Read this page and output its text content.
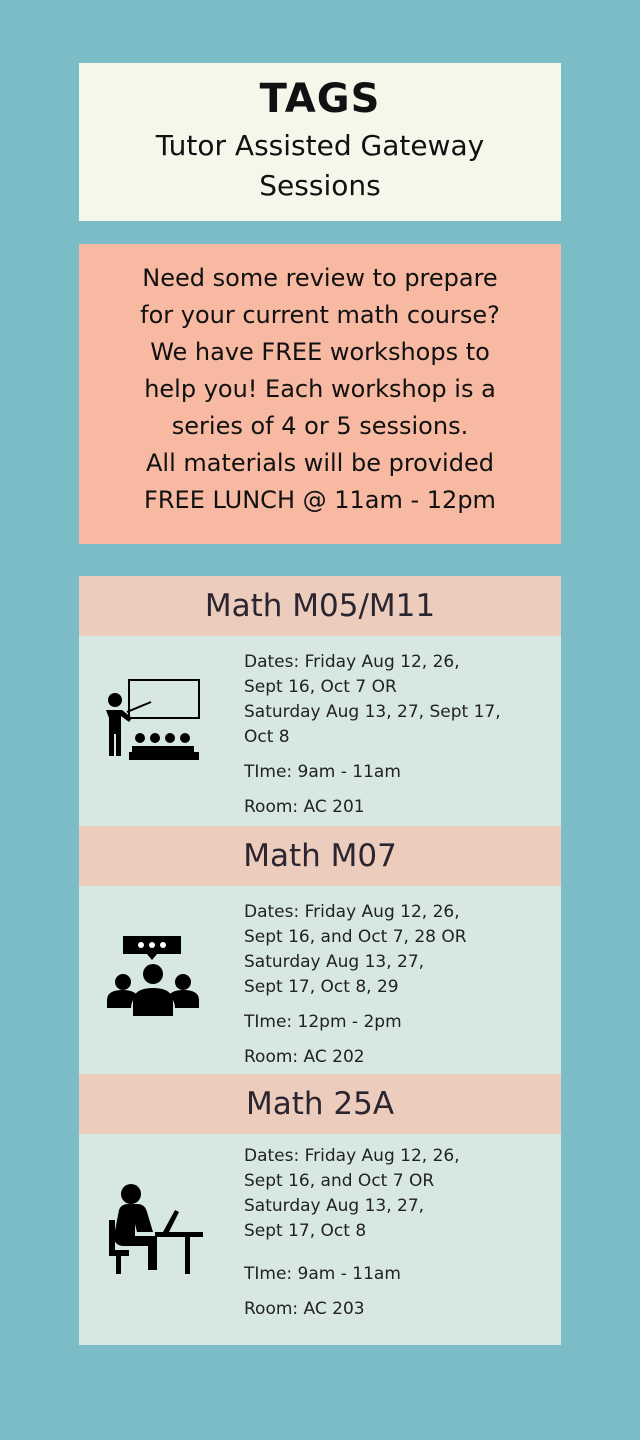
TAGS
Tutor Assisted Gateway
Sessions
Need some review to prepare
for your current math course?
We have FREE workshops to
help you! Each workshop is a
series of 4 or 5 sessions.
All materials will be provided
FREE LUNCH @ 11am - 12pm
Math M05/M11
Dates: Friday Aug 12, 26,
Sept 16, Oct 7 OR
Saturday Aug 13, 27, Sept 17,
Oct 8
TIme: 9am - 11am
Room: AC 201
Math M07
Dates: Friday Aug 12, 26,
Sept 16, and Oct 7, 28 OR
Saturday Aug 13, 27,
Sept 17, Oct 8, 29
TIme: 12pm - 2pm
Room: AC 202
Math 25A
Dates: Friday Aug 12, 26,
Sept 16, and Oct 7 OR
Saturday Aug 13, 27,
Sept 17, Oct 8
TIme: 9am - 11am
Room: AC 203
